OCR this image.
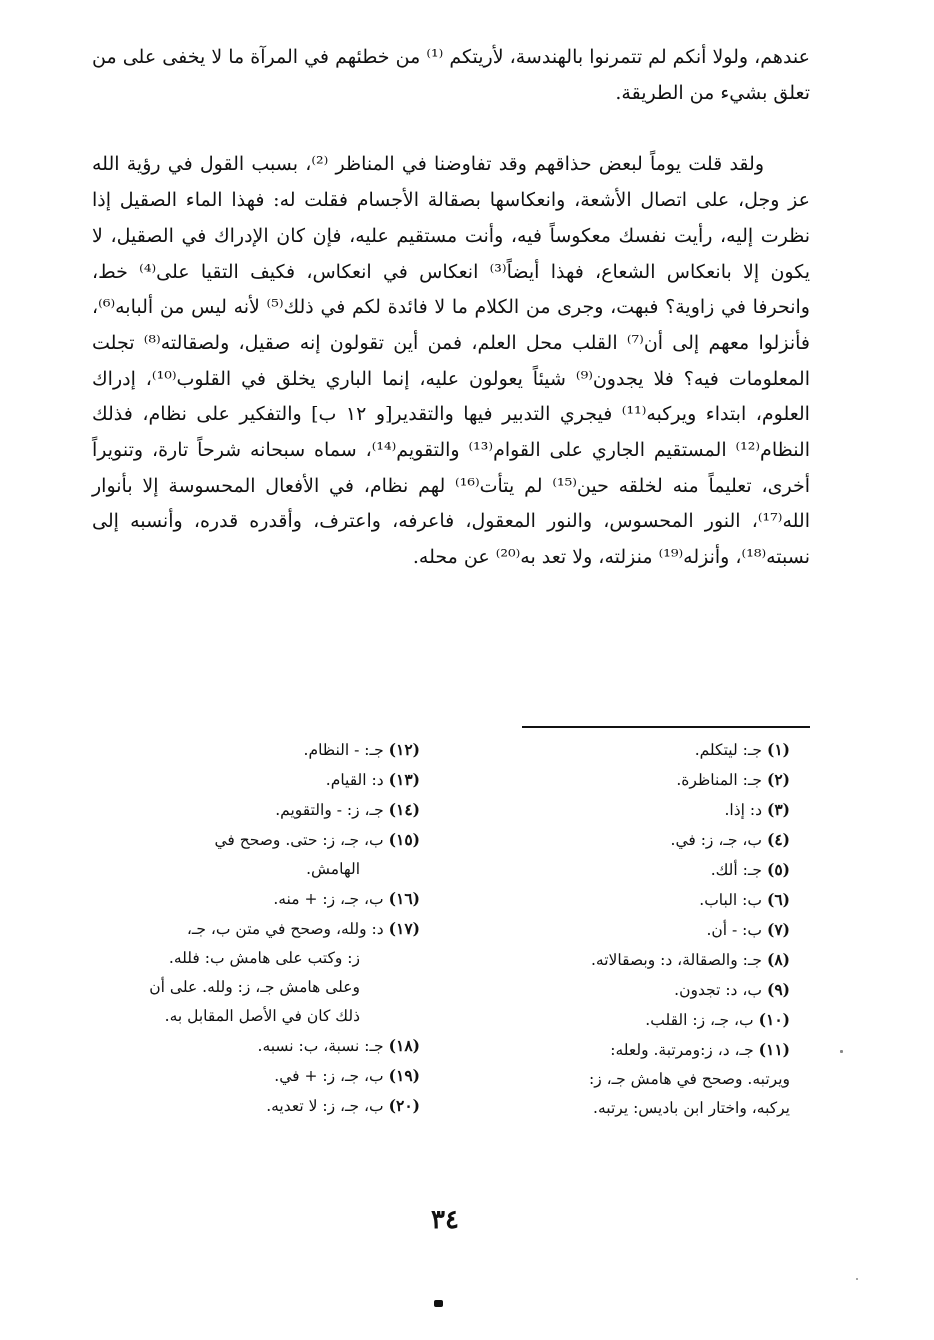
عندهم، ولولا أنكم لم تتمرنوا بالهندسة، لأريتكم ⁽¹⁾ من خطئهم في المرآة ما لا يخفى على من تعلق بشيء من الطريقة.

ولقد قلت يوماً لبعض حذاقهم وقد تفاوضنا في المناظر ⁽²⁾، بسبب القول في رؤية الله عز وجل، على اتصال الأشعة، وانعكاسها بصقالة الأجسام فقلت له: فهذا الماء الصقيل إذا نظرت إليه، رأيت نفسك معكوساً فيه، وأنت مستقيم عليه، فإن كان الإدراك في الصقيل، لا يكون إلا بانعكاس الشعاع، فهذا أيضاً⁽³⁾ انعكاس في انعكاس، فكيف التقيا على⁽⁴⁾ خط، وانحرفا في زاوية؟ فبهت، وجرى من الكلام ما لا فائدة لكم في ذلك⁽⁵⁾ لأنه ليس من ألبابه⁽⁶⁾، فأنزلوا معهم إلى أن⁽⁷⁾ القلب محل العلم، فمن أين تقولون إنه صقيل، ولصقالته⁽⁸⁾ تجلت المعلومات فيه؟ فلا يجدون⁽⁹⁾ شيئاً يعولون عليه، إنما الباري يخلق في القلوب⁽¹⁰⁾، إدراك العلوم، ابتداء ويركبه⁽¹¹⁾ فيجري التدبير فيها والتقدير[و ١٢ ب] والتفكير على نظام، فذلك النظام⁽¹²⁾ المستقيم الجاري على القوام⁽¹³⁾ والتقويم⁽¹⁴⁾، سماه سبحانه شرحاً تارة، وتنويراً أخرى، تعليماً منه لخلقه حين⁽¹⁵⁾ لم يتأت⁽¹⁶⁾ لهم نظام، في الأفعال المحسوسة إلا بأنوار الله⁽¹⁷⁾، النور المحسوس، والنور المعقول، فاعرفه، واعترف، وأقدره قدره، وأنسبه إلى نسبته⁽¹⁸⁾، وأنزله⁽¹⁹⁾ منزلته، ولا تعد به⁽²⁰⁾ عن محله.

(١)جـ: ليتكلم.
(٢)جـ: المناظرة.
(٣)د: إذا.
(٤)ب، جـ، ز: في.
(٥)جـ: ألك.
(٦)ب: الباب.
(٧)ب: - أن.
(٨)جـ: والصقالة، د: وبصقالاته.
(٩)ب، د: تجدون.
(١٠)ب، جـ، ز: القلب.
(١١)جـ، د، ز:ومرتبة. ولعله:
ويرتبه. وصحح في هامش جـ، ز:
يركبه، واختار ابن باديس: يرتبه.
(١٢)جـ: - النظام.
(١٣)د: القيام.
(١٤)جـ، ز: - والتقويم.
(١٥)ب، جـ، ز: حتى. وصحح في
الهامش.
(١٦)ب، جـ، ز: + منه.
(١٧)د: ولله، وصحح في متن ب، جـ،
ز: وكتب على هامش ب: فلله.
وعلى هامش جـ، ز: ولله. على أن
ذلك كان في الأصل المقابل به.
(١٨)جـ: نسبة، ب: نسبه.
(١٩)ب، جـ، ز: + في.
(٢٠)ب، جـ، ز: لا تعديه.
٣٤
